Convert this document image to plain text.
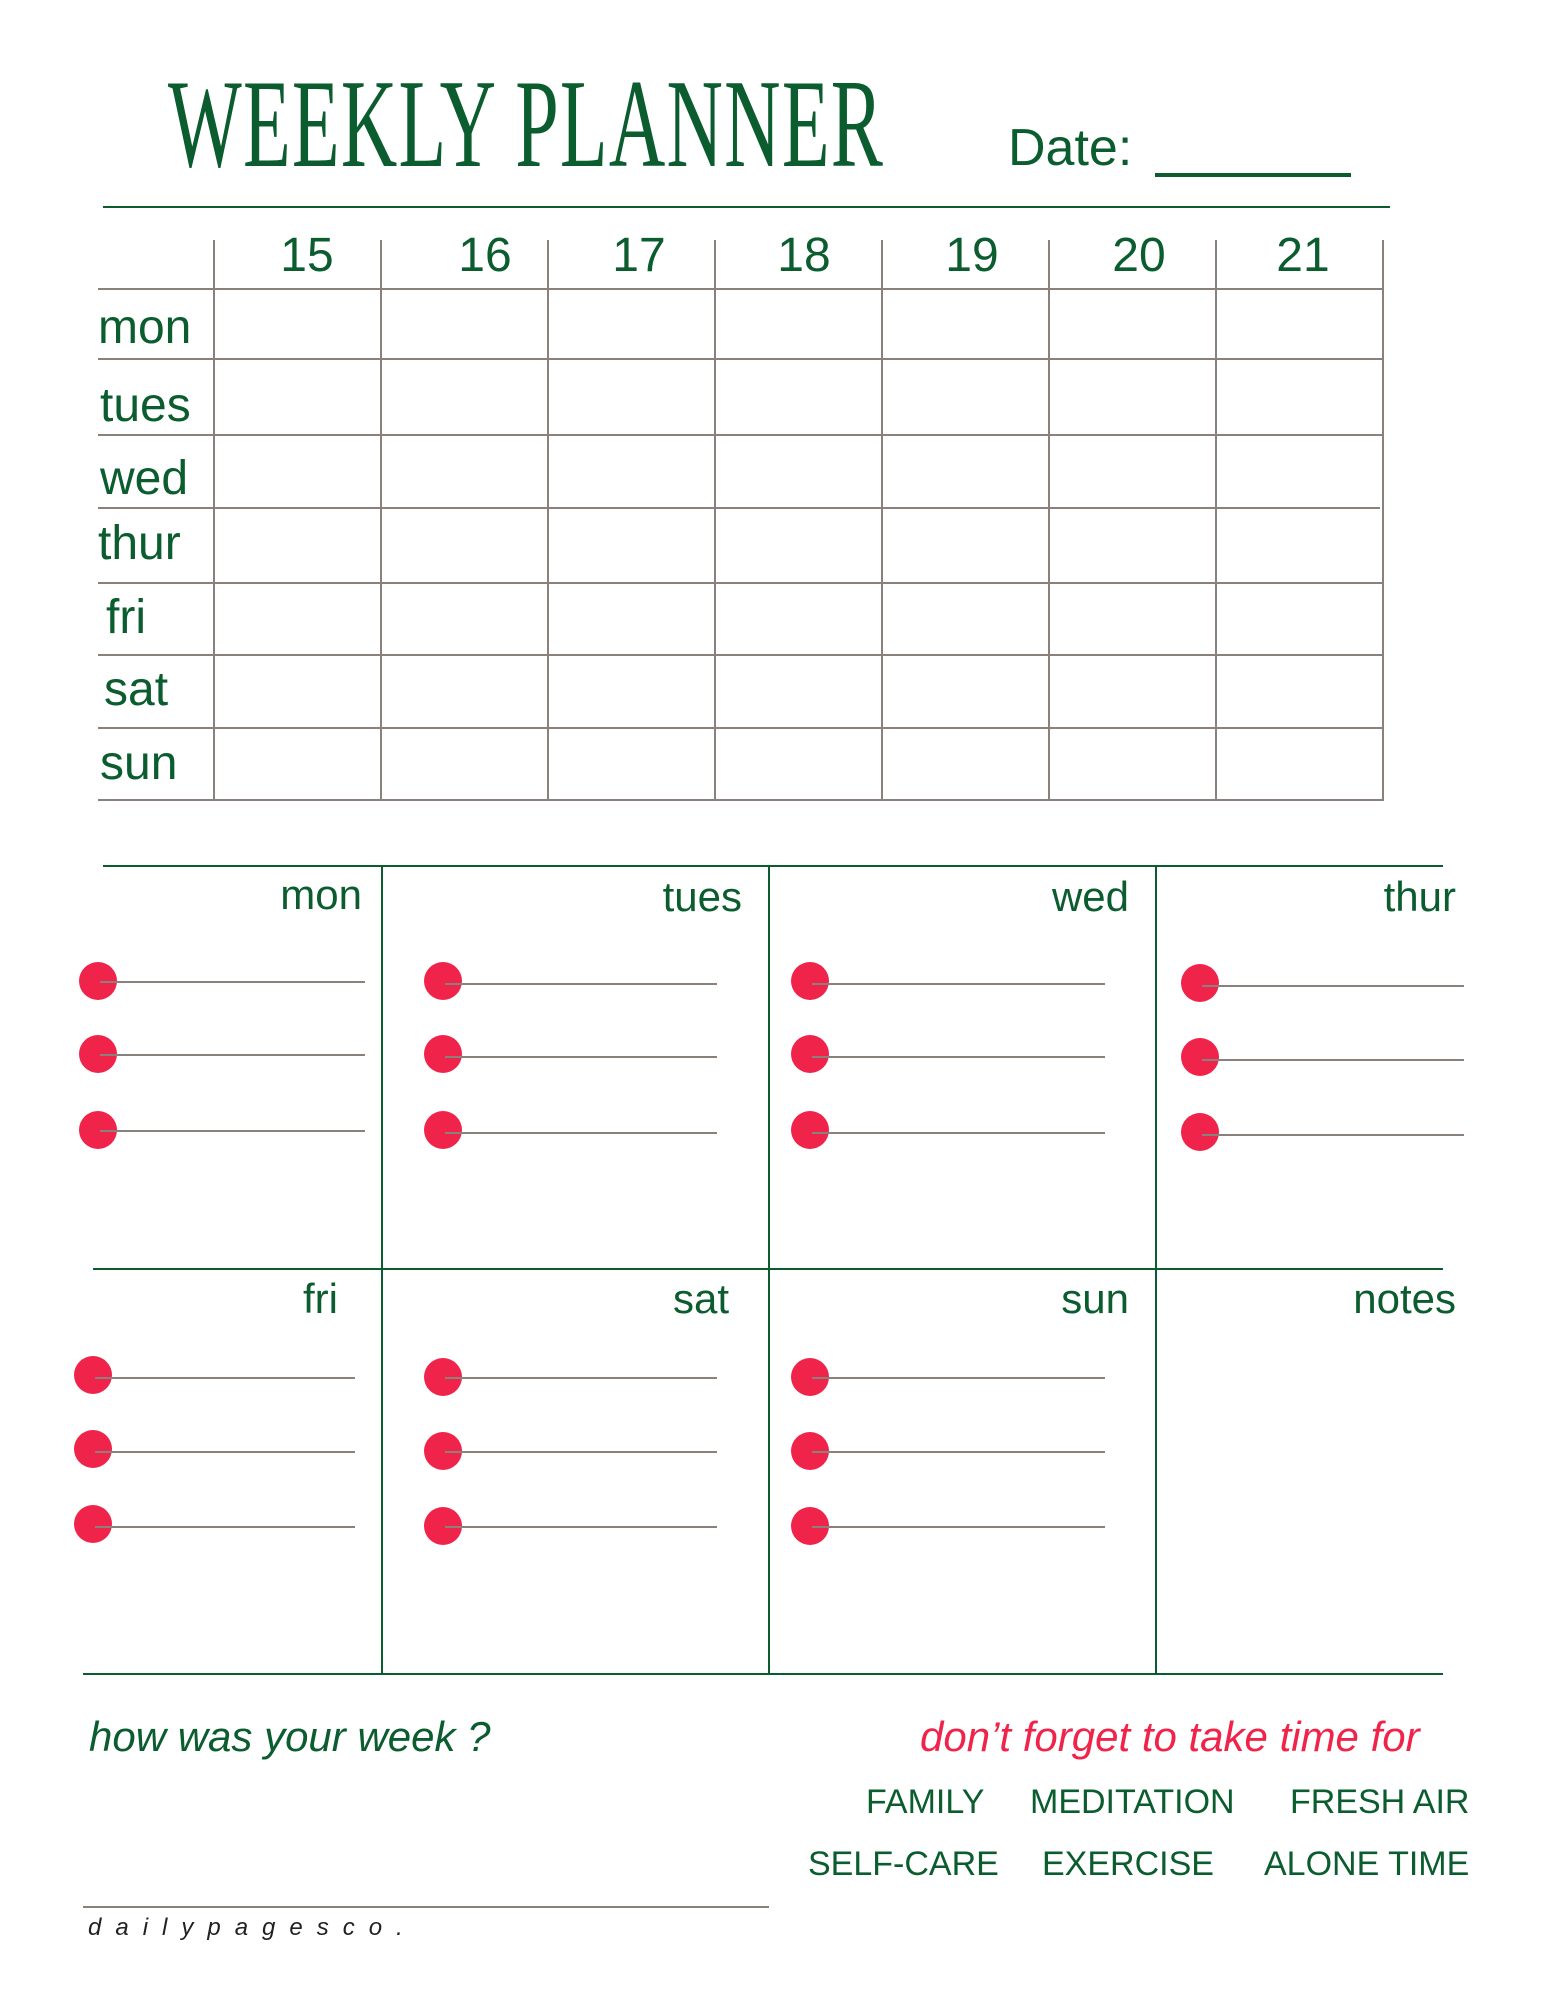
WEEKLY PLANNER Date:
15	16	17	18	19	20	21
mon
tues
wed
thur
fri
sat
sun
mon	tues	wed	thur
fri	sat	sun	notes
how was your week ?	don’t forget to take time for
FAMILY MEDITATION FRESH AIR
SELF-CARE EXERCISE ALONE TIME
dailypagesco.
